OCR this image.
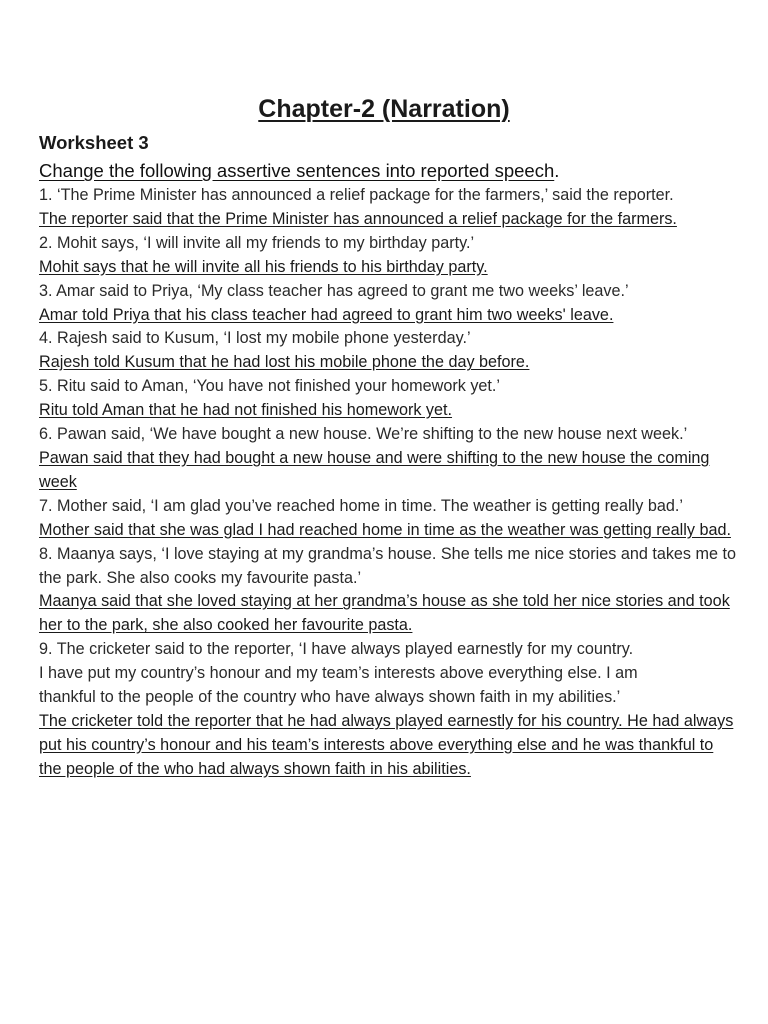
Chapter-2 (Narration)
Worksheet 3
Change the following assertive sentences into reported speech.

1. ‘The Prime Minister has announced a relief package for the farmers,’ said the reporter.

The reporter said that the Prime Minister has announced a relief package for the farmers.

2. Mohit says, ‘I will invite all my friends to my birthday party.’

Mohit says that he will invite all his friends to his birthday party.

3. Amar said to Priya, ‘My class teacher has agreed to grant me two weeks’ leave.’

Amar told Priya that his class teacher had agreed to grant him two weeks' leave.

4. Rajesh said to Kusum, ‘I lost my mobile phone yesterday.’

Rajesh told Kusum that he had lost his mobile phone the day before.

5. Ritu said to Aman, ‘You have not finished your homework yet.’

Ritu told Aman that he had not finished his homework yet.

6. Pawan said, ‘We have bought a new house. We’re shifting to the new house next week.’

Pawan said that they had bought a new house and were shifting to the new house the coming week

7. Mother said, ‘I am glad you’ve reached home in time. The weather is getting really bad.’

Mother said that she was glad I had reached home in time as the weather was getting really bad.

8. Maanya says, ‘I love staying at my grandma’s house. She tells me nice stories and takes me to the park. She also cooks my favourite pasta.’

Maanya said that she loved staying at her grandma’s house as she told her nice stories and took her to the park, she also cooked her favourite pasta.

9. The cricketer said to the reporter, ‘I have always played earnestly for my country. I have put my country’s honour and my team’s interests above everything else. I am thankful to the people of the country who have always shown faith in my abilities.’

The cricketer told the reporter that he had always played earnestly for his country. He had always put his country’s honour and his team’s interests above everything else and he was thankful to the people of the who had always shown faith in his abilities.
